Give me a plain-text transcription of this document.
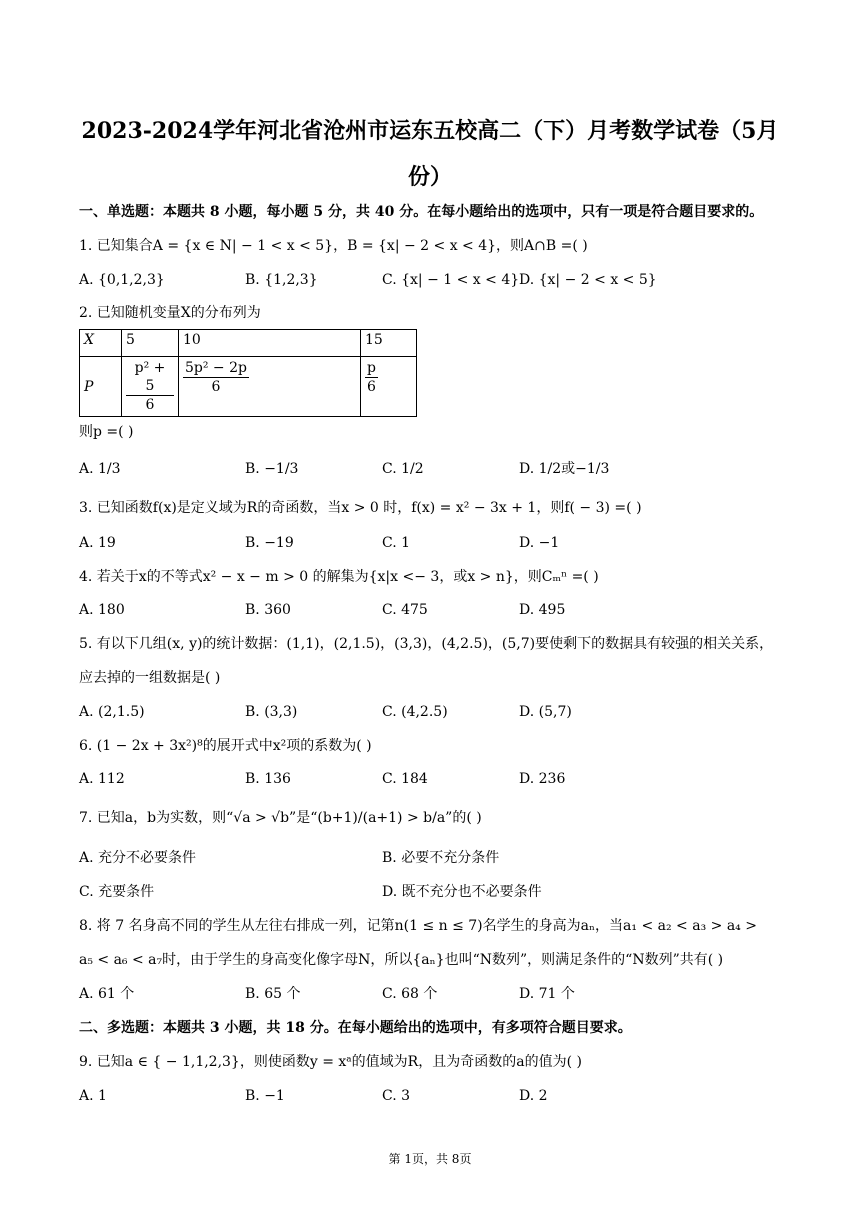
2023-2024学年河北省沧州市运东五校高二（下）月考数学试卷（5月
份）
一、单选题：本题共 8 小题，每小题 5 分，共 40 分。在每小题给出的选项中，只有一项是符合题目要求的。
1. 已知集合A = {x ∈ N| − 1 < x < 5}，B = {x| − 2 < x < 4}，则A∩B =( )
A. {0,1,2,3}	B. {1,2,3}	C. {x| − 1 < x < 4} D. {x| − 2 < x < 5}
2. 已知随机变量X的分布列为
X	5	10	15
P	$\frac{\text{p² + 5}}{6}$	$\frac{\text{5p² − 2p}}{6}$	$\frac{p}{6}$
则p =( )
A. 1/3	B. −1/3	C. 1/2	D. 1/2或−1/3
3. 已知函数f(x)是定义域为R的奇函数，当x > 0 时，f(x) = x² − 3x + 1，则f( − 3) =( )
A. 19	B. −19	C. 1	D. −1
4. 若关于x的不等式x² − x − m > 0 的解集为{x|x <− 3，或x > n}，则Cₘⁿ =( )
A. 180	B. 360	C. 475	D. 495
5. 有以下几组(x, y)的统计数据：(1,1)，(2,1.5)，(3,3)，(4,2.5)，(5,7)要使剩下的数据具有较强的相关关系，
应去掉的一组数据是( )
A. (2,1.5)	B. (3,3)	C. (4,2.5)	D. (5,7)
6. (1 − 2x + 3x²)⁸的展开式中x²项的系数为( )
A. 112	B. 136	C. 184	D. 236
7. 已知a，b为实数，则“√a > √b”是“(b+1)/(a+1) > b/a”的( )
A. 充分不必要条件	B. 必要不充分条件
C. 充要条件	D. 既不充分也不必要条件
8. 将 7 名身高不同的学生从左往右排成一列，记第n(1 ≤ n ≤ 7)名学生的身高为aₙ，当a₁ < a₂ < a₃ > a₄ >
a₅ < a₆ < a₇时，由于学生的身高变化像字母N，所以{aₙ}也叫“N数列”，则满足条件的“N数列”共有( )
A. 61 个	B. 65 个	C. 68 个	D. 71 个
二、多选题：本题共 3 小题，共 18 分。在每小题给出的选项中，有多项符合题目要求。
9. 已知a ∈ { − 1,1,2,3}，则使函数y = xᵃ的值域为R，且为奇函数的a的值为( )
A. 1	B. −1	C. 3	D. 2
第 1页，共 8页
